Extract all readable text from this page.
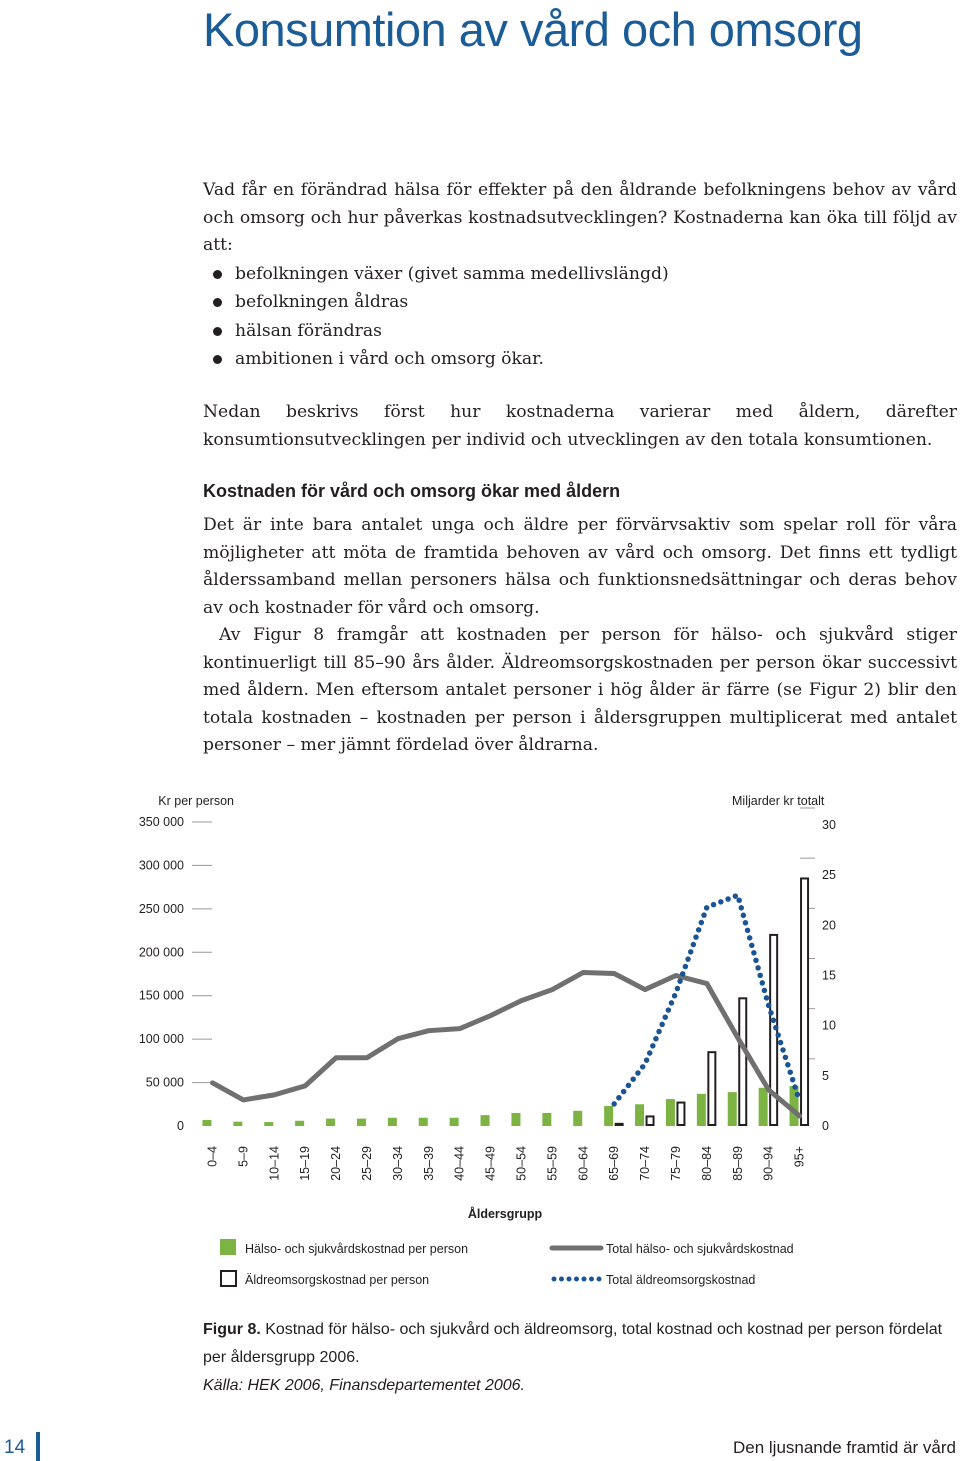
Konsumtion av vård och omsorg

Vad får en förändrad hälsa för effekter på den åldrande befolkningens behov av vård och omsorg och hur påverkas kostnadsutvecklingen? Kostnaderna kan öka till följd av att:

befolkningen växer (givet samma medellivslängd)
befolkningen åldras
hälsan förändras
ambitionen i vård och omsorg ökar.

Nedan beskrivs först hur kostnaderna varierar med åldern, därefter konsumtionsutvecklingen per individ och utvecklingen av den totala konsumtionen.

Kostnaden för vård och omsorg ökar med åldern

Det är inte bara antalet unga och äldre per förvärvsaktiv som spelar roll för våra möjligheter att möta de framtida behoven av vård och omsorg. Det finns ett tydligt ålderssamband mellan personers hälsa och funktionsnedsättningar och deras behov av och kostnader för vård och omsorg.

Av Figur 8 framgår att kostnaden per person för hälso- och sjukvård stiger kontinuerligt till 85–90 års ålder. Äldreomsorgskostnaden per person ökar successivt med åldern. Men eftersom antalet personer i hög ålder är färre (se Figur 2) blir den totala kostnaden – kostnaden per person i åldersgruppen multiplicerat med antalet personer – mer jämnt fördelad över åldrarna.

Kr per person	Miljarder kr totalt
350 000
300 000
250 000
200 000
150 000
100 000
50 000
0
30
25
20
15
10
5
0
0–4 5–9 10–14 15–19 20–24 25–29 30–34 35–39 40–44 45–49 50–54 55–59 60–64 65–69 70–74 75–79 80–84 85–89 90–94 95+
Åldersgrupp
Hälso- och sjukvårdskostnad per person
Äldreomsorgskostnad per person
Total hälso- och sjukvårdskostnad
Total äldreomsorgskostnad

Figur 8. Kostnad för hälso- och sjukvård och äldreomsorg, total kostnad och kostnad per person fördelat per åldersgrupp 2006.

Källa: HEK 2006, Finansdepartementet 2006.

14	Den ljusnande framtid är vård
